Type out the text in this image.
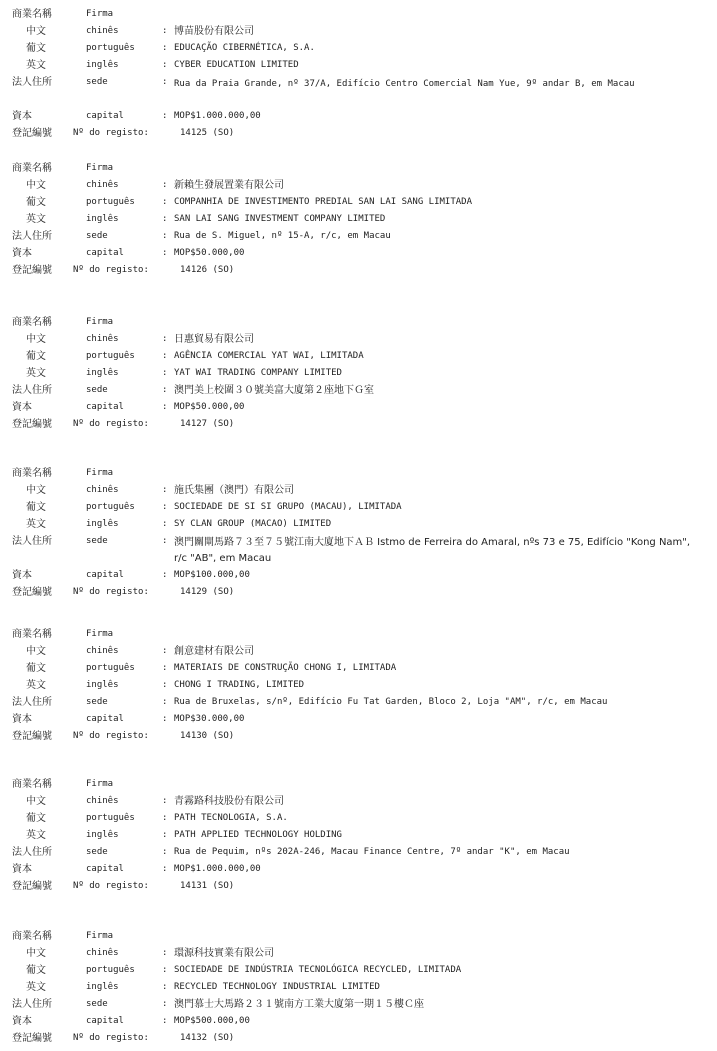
商業名稱	Firma
中文	chinês	: 博苗股份有限公司
葡文	português	: EDUCAÇÃO CIBERNÉTICA, S.A.
英文	inglês	: CYBER EDUCATION LIMITED
法人住所	sede	: Rua da Praia Grande, nº 37/A, Edifício Centro Comercial Nam Yue, 9º andar B, em Macau
資本	capital	: MOP$1.000.000,00
登記編號 Nº do registo:	14125 (SO)
商業名稱	Firma
中文	chinês	: 新賴生發展置業有限公司
葡文	português	: COMPANHIA DE INVESTIMENTO PREDIAL SAN LAI SANG LIMITADA
英文	inglês	: SAN LAI SANG INVESTMENT COMPANY LIMITED
法人住所	sede	: Rua de S. Miguel, nº 15-A, r/c, em Macau
資本	capital	: MOP$50.000,00
登記編號 Nº do registo:	14126 (SO)
商業名稱	Firma
中文	chinês	: 日惠貿易有限公司
葡文	português	: AGÊNCIA COMERCIAL YAT WAI, LIMITADA
英文	inglês	: YAT WAI TRADING COMPANY LIMITED
法人住所	sede	: 澳門美上校圍３０號美富大廈第２座地下Ｇ室
資本	capital	: MOP$50.000,00
登記編號 Nº do registo:	14127 (SO)
商業名稱	Firma
中文	chinês	: 施氏集團（澳門）有限公司
葡文	português	: SOCIEDADE DE SI SI GRUPO (MACAU), LIMITADA
英文	inglês	: SY CLAN GROUP (MACAO) LIMITED
法人住所	sede	: 澳門關閘馬路７３至７５號江南大廈地下ＡＢ Istmo de Ferreira do Amaral, nºs 73 e 75, Edifício "Kong Nam", r/c "AB", em Macau
資本	capital	: MOP$100.000,00
登記編號 Nº do registo:	14129 (SO)
商業名稱	Firma
中文	chinês	: 創意建材有限公司
葡文	português	: MATERIAIS DE CONSTRUÇÃO CHONG I, LIMITADA
英文	inglês	: CHONG I TRADING, LIMITED
法人住所	sede	: Rua de Bruxelas, s/nº, Edifício Fu Tat Garden, Bloco 2, Loja "AM", r/c, em Macau
資本	capital	: MOP$30.000,00
登記編號 Nº do registo:	14130 (SO)
商業名稱	Firma
中文	chinês	: 青霧路科技股份有限公司
葡文	português	: PATH TECNOLOGIA, S.A.
英文	inglês	: PATH APPLIED TECHNOLOGY HOLDING
法人住所	sede	: Rua de Pequim, nºs 202A-246, Macau Finance Centre, 7º andar "K", em Macau
資本	capital	: MOP$1.000.000,00
登記編號 Nº do registo:	14131 (SO)
商業名稱	Firma
中文	chinês	: 環源科技實業有限公司
葡文	português	: SOCIEDADE DE INDÚSTRIA TECNOLÓGICA RECYCLED, LIMITADA
英文	inglês	: RECYCLED TECHNOLOGY INDUSTRIAL LIMITED
法人住所	sede	: 澳門慕士大馬路２３１號南方工業大廈第一期１５樓Ｃ座
資本	capital	: MOP$500.000,00
登記編號 Nº do registo:	14132 (SO)
